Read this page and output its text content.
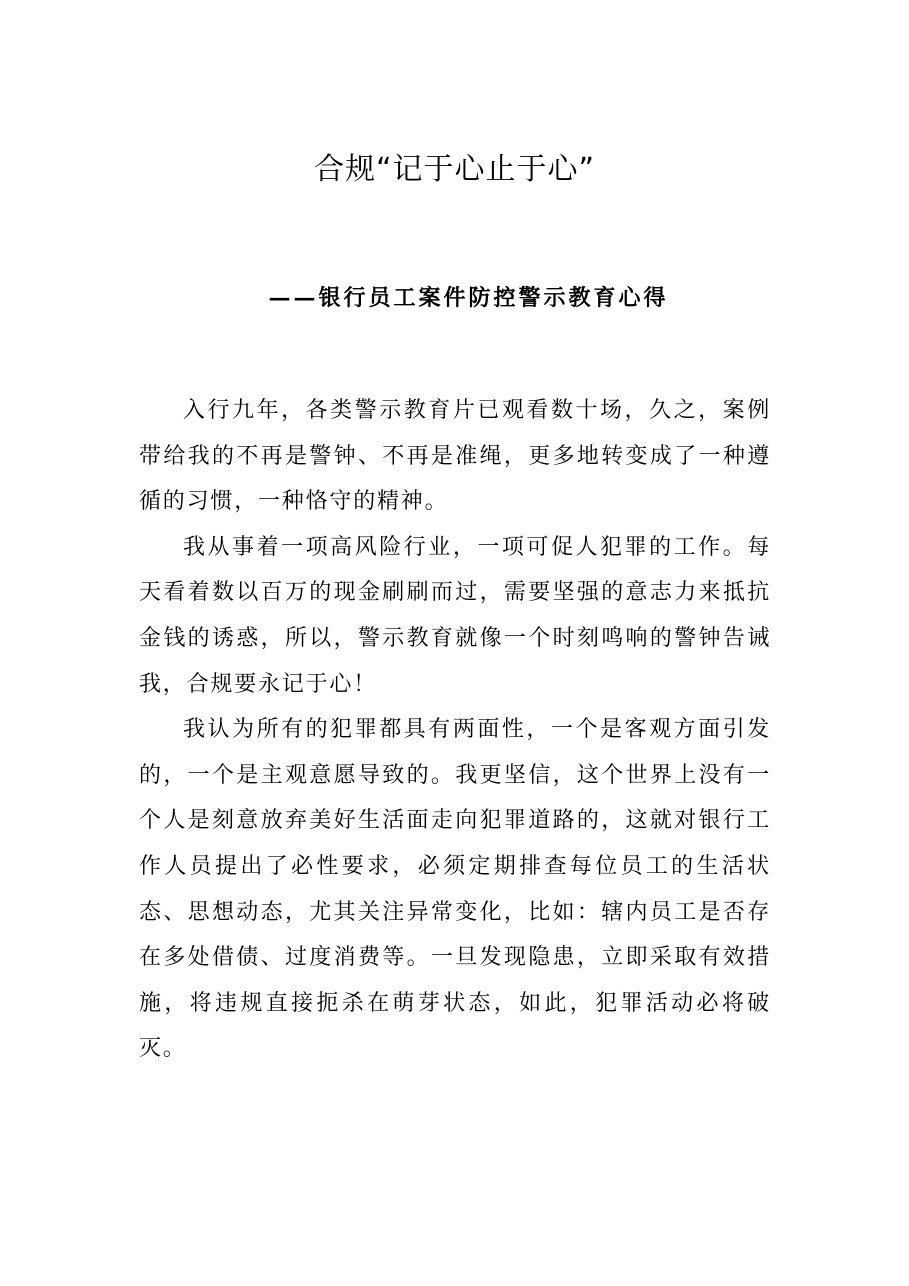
合规“记于心止于心”
——银行员工案件防控警示教育心得

入行九年，各类警示教育片已观看数十场，久之，案例带给我的不再是警钟、不再是准绳，更多地转变成了一种遵循的习惯，一种恪守的精神。

我从事着一项高风险行业，一项可促人犯罪的工作。每天看着数以百万的现金刷刷而过，需要坚强的意志力来抵抗金钱的诱惑，所以，警示教育就像一个时刻鸣响的警钟告诫我，合规要永记于心！

我认为所有的犯罪都具有两面性，一个是客观方面引发的，一个是主观意愿导致的。我更坚信，这个世界上没有一个人是刻意放弃美好生活面走向犯罪道路的，这就对银行工作人员提出了必性要求，必须定期排查每位员工的生活状态、思想动态，尤其关注异常变化，比如：辖内员工是否存在多处借债、过度消费等。一旦发现隐患，立即采取有效措施，将违规直接扼杀在萌芽状态，如此，犯罪活动必将破灭。
